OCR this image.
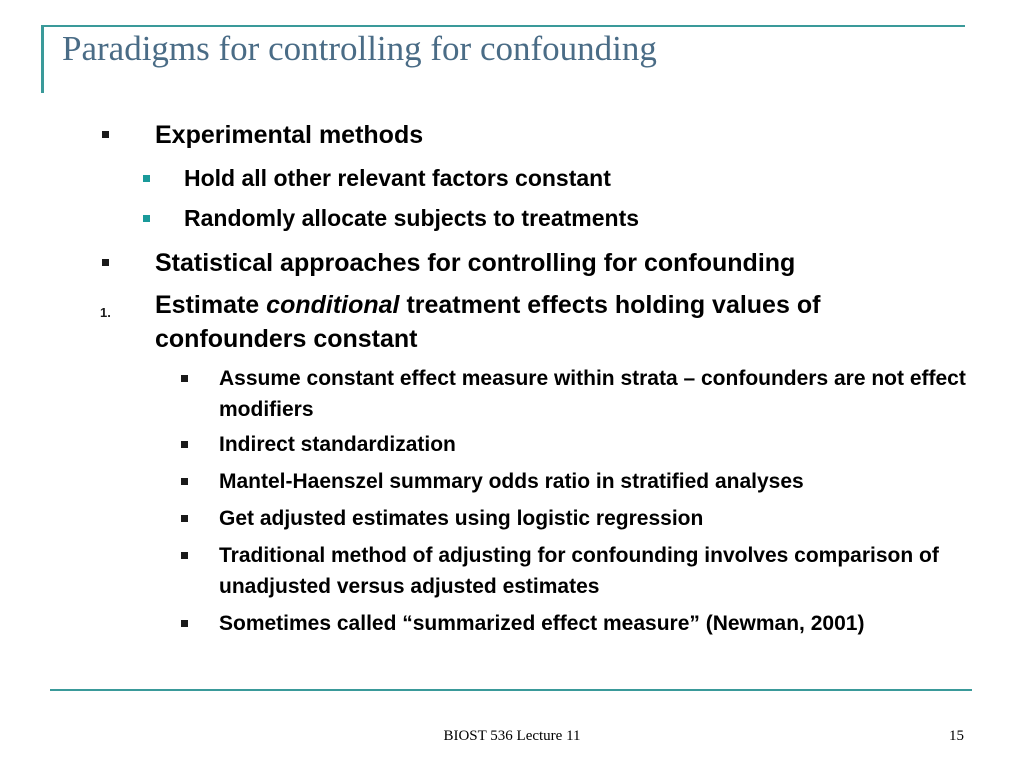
Paradigms for controlling for confounding
Experimental methods
Hold all other relevant factors constant
Randomly allocate subjects to treatments
Statistical approaches for controlling for confounding
1. Estimate conditional treatment effects holding values of confounders constant
Assume constant effect measure within strata – confounders are not effect modifiers
Indirect standardization
Mantel-Haenszel summary odds ratio in stratified analyses
Get adjusted estimates using logistic regression
Traditional method of adjusting for confounding involves comparison of unadjusted versus adjusted estimates
Sometimes called “summarized effect measure” (Newman, 2001)
BIOST 536 Lecture 11	15
